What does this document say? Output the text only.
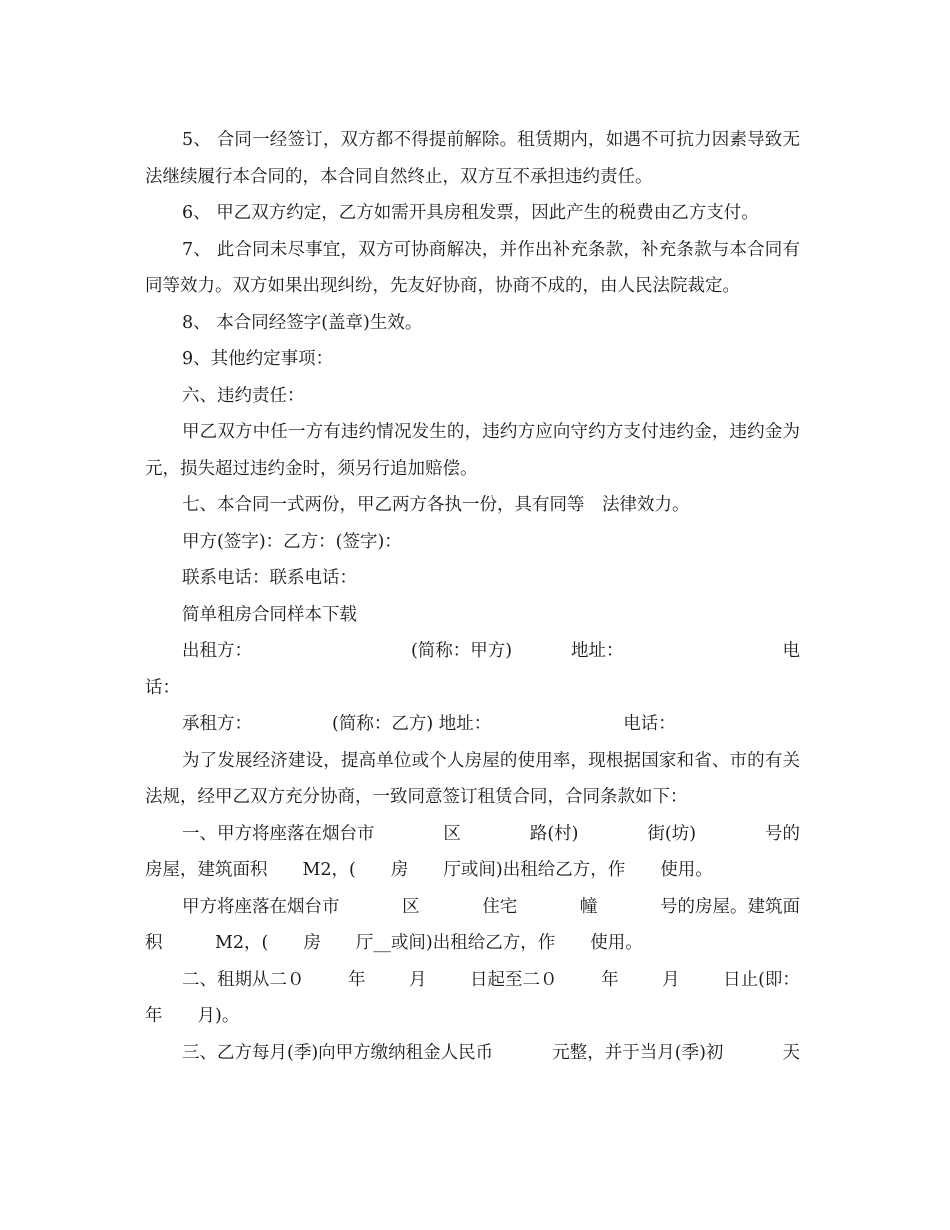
5、 合同一经签订，双方都不得提前解除。租赁期内，如遇不可抗力因素导致无法继续履行本合同的，本合同自然终止，双方互不承担违约责任。

6、 甲乙双方约定，乙方如需开具房租发票，因此产生的税费由乙方支付。

7、 此合同未尽事宜，双方可协商解决，并作出补充条款，补充条款与本合同有同等效力。双方如果出现纠纷，先友好协商，协商不成的，由人民法院裁定。

8、 本合同经签字(盖章)生效。

9、其他约定事项：

六、违约责任：

甲乙双方中任一方有违约情况发生的，违约方应向守约方支付违约金，违约金为元，损失超过违约金时，须另行追加赔偿。

七、本合同一式两份，甲乙两方各执一份，具有同等　法律效力。

甲方(签字)：乙方：(签字)：

联系电话：联系电话：

简单租房合同样本下载

出租方：	(简称：甲方)	地址：	电

话：

承租方：	(简称：乙方) 地址：	电话：

为了发展经济建设，提高单位或个人房屋的使用率，现根据国家和省、市的有关法规，经甲乙双方充分协商，一致同意签订租赁合同，合同条款如下：

一、甲方将座落在烟台市	区	路(村)	街(坊)	号的

房屋，建筑面积　　M2，(　　房　　厅或间)出租给乙方，作　　使用。

甲方将座落在烟台市	区	住宅	幢	号的房屋。建筑面

积　　　M2，(　　房　　厅__或间)出租给乙方，作　　使用。

二、租期从二０ 年 月 日起至二０ 年 月 日止(即：

年　　月)。

三、乙方每月(季)向甲方缴纳租金人民币	元整，并于当月(季)初	天
